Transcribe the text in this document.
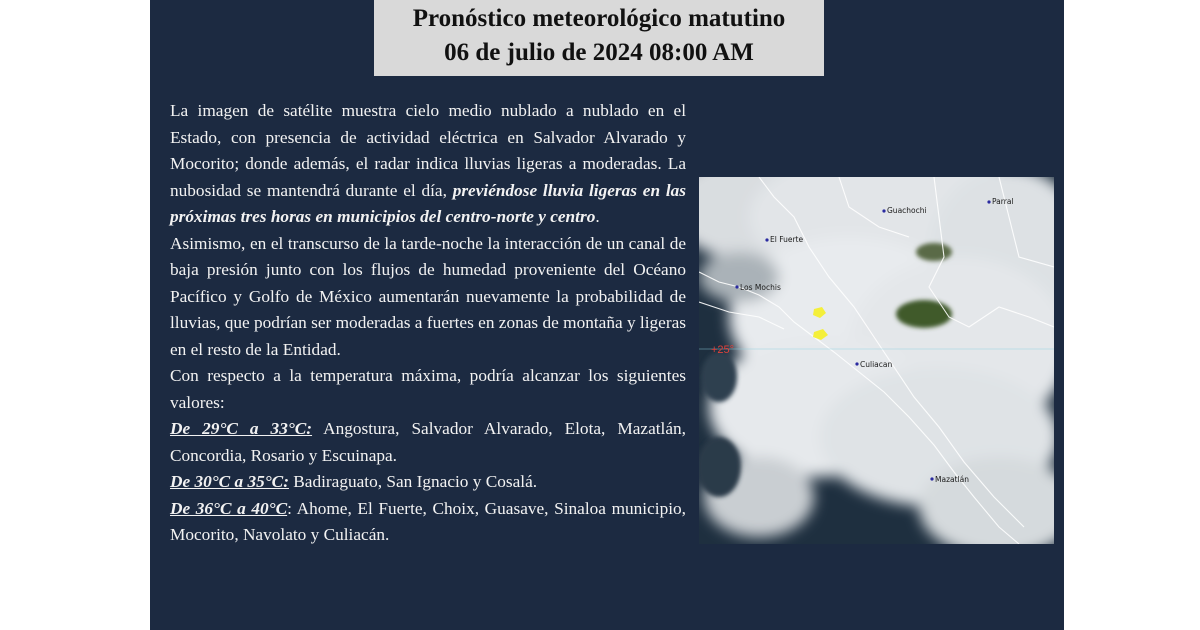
Pronóstico meteorológico matutino
06 de julio de 2024 08:00 AM

La imagen de satélite muestra cielo medio nublado a nublado en el Estado, con presencia de actividad eléctrica en Salvador Alvarado y Mocorito; donde además, el radar indica lluvias ligeras a moderadas. La nubosidad se mantendrá durante el día, previéndose lluvia ligeras en las próximas tres horas en municipios del centro-norte y centro.

Asimismo, en el transcurso de la tarde-noche la interacción de un canal de baja presión junto con los flujos de humedad proveniente del Océano Pacífico y Golfo de México aumentarán nuevamente la probabilidad de lluvias, que podrían ser moderadas a fuertes en zonas de montaña y ligeras en el resto de la Entidad.

Con respecto a la temperatura máxima, podría alcanzar los siguientes valores:

De 29°C a 33°C: Angostura, Salvador Alvarado, Elota, Mazatlán, Concordia, Rosario y Escuinapa.

De 30°C a 35°C: Badiraguato, San Ignacio y Cosalá.

De 36°C a 40°C: Ahome, El Fuerte, Choix, Guasave, Sinaloa municipio, Mocorito, Navolato y Culiacán.

+25°
Guachochi
Parral
El Fuerte
Los Mochis
Culiacan
Mazatlán
